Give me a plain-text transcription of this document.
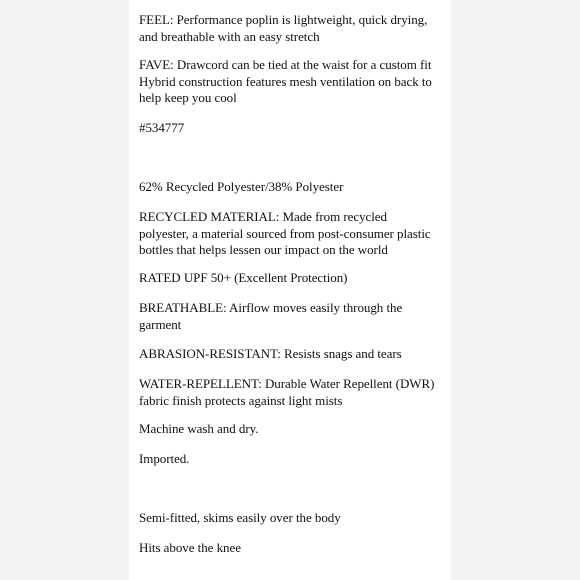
FEEL: Performance poplin is lightweight, quick drying,
and breathable with an easy stretch

FAVE: Drawcord can be tied at the waist for a custom fit
Hybrid construction features mesh ventilation on back to
help keep you cool

#534777

62% Recycled Polyester/38% Polyester

RECYCLED MATERIAL: Made from recycled
polyester, a material sourced from post-consumer plastic
bottles that helps lessen our impact on the world

RATED UPF 50+ (Excellent Protection)

BREATHABLE: Airflow moves easily through the
garment

ABRASION-RESISTANT: Resists snags and tears

WATER-REPELLENT: Durable Water Repellent (DWR)
fabric finish protects against light mists

Machine wash and dry.

Imported.

Semi-fitted, skims easily over the body

Hits above the knee
